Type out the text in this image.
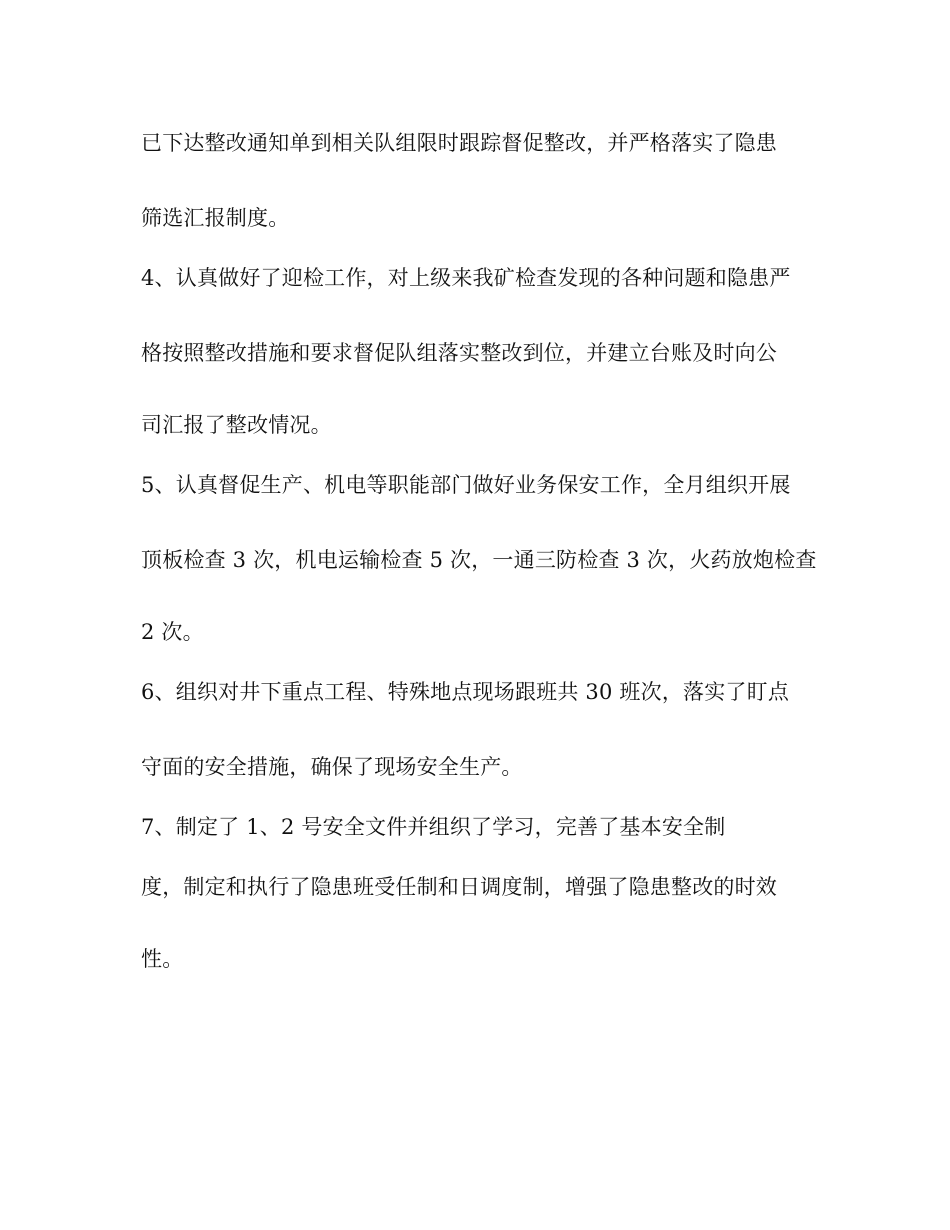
已下达整改通知单到相关队组限时跟踪督促整改，并严格落实了隐患
筛选汇报制度。
4、认真做好了迎检工作，对上级来我矿检查发现的各种问题和隐患严
格按照整改措施和要求督促队组落实整改到位，并建立台账及时向公
司汇报了整改情况。
5、认真督促生产、机电等职能部门做好业务保安工作，全月组织开展
顶板检查 3 次，机电运输检查 5 次，一通三防检查 3 次，火药放炮检查
2 次。
6、组织对井下重点工程、特殊地点现场跟班共 30 班次，落实了盯点
守面的安全措施，确保了现场安全生产。
7、制定了 1、2 号安全文件并组织了学习，完善了基本安全制
度，制定和执行了隐患班受任制和日调度制，增强了隐患整改的时效
性。
